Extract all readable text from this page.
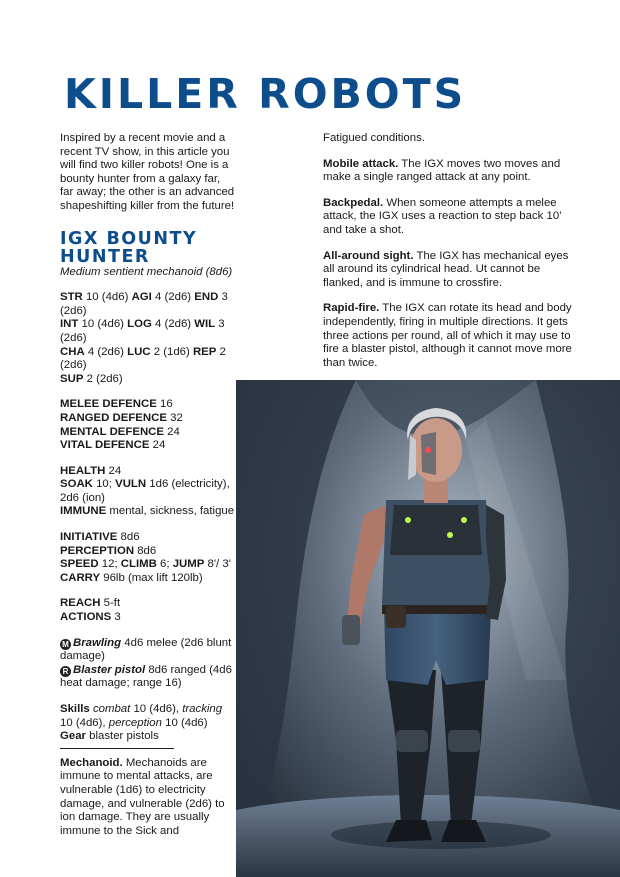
KILLER ROBOTS

Inspired by a recent movie and a recent TV show, in this article you will find two killer robots! One is a bounty hunter from a galaxy far, far away; the other is an advanced shapeshifting killer from the future!

IGX BOUNTY HUNTER

Medium sentient mechanoid (8d6)

STR 10 (4d6) AGI 4 (2d6) END 3 (2d6)
INT 10 (4d6) LOG 4 (2d6) WIL 3 (2d6)
CHA 4 (2d6) LUC 2 (1d6) REP 2 (2d6)
SUP 2 (2d6)

MELEE DEFENCE 16
RANGED DEFENCE 32
MENTAL DEFENCE 24
VITAL DEFENCE 24

HEALTH 24
SOAK 10; VULN 1d6 (electricity), 2d6 (ion)
IMMUNE mental, sickness, fatigue

INITIATIVE 8d6
PERCEPTION 8d6
SPEED 12; CLIMB 6; JUMP 8'/ 3'
CARRY 96lb (max lift 120lb)

REACH 5-ft
ACTIONS 3

M Brawling 4d6 melee (2d6 blunt damage)
R Blaster pistol 8d6 ranged (4d6 heat damage; range 16)

Skills combat 10 (4d6), tracking 10 (4d6), perception 10 (4d6)
Gear blaster pistols

Mechanoid. Mechanoids are immune to mental attacks, are vulnerable (1d6) to electricity damage, and vulnerable (2d6) to ion damage. They are usually immune to the Sick and

Fatigued conditions.

Mobile attack. The IGX moves two moves and make a single ranged attack at any point.

Backpedal. When someone attempts a melee attack, the IGX uses a reaction to step back 10’ and take a shot.

All-around sight. The IGX has mechanical eyes all around its cylindrical head. Ut cannot be flanked, and is immune to crossfire.

Rapid-fire. The IGX can rotate its head and body independently, firing in multiple directions. It gets three actions per round, all of which it may use to fire a blaster pistol, although it cannot move more than twice.
